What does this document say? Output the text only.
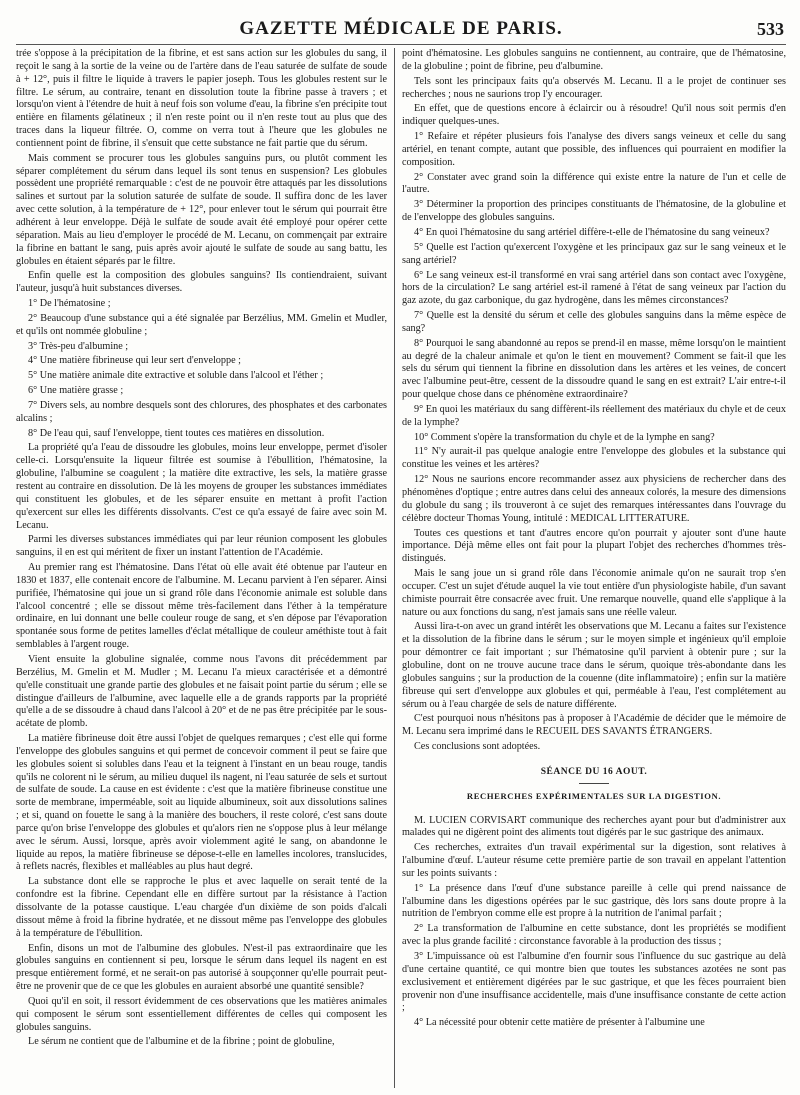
GAZETTE MÉDICALE DE PARIS.	533

trée s'oppose à la précipitation de la fibrine, et est sans action sur les globules du sang, il reçoit le sang à la sortie de la veine ou de l'artère dans de l'eau saturée de sulfate de soude à + 12°, puis il filtre le liquide à travers le papier joseph. Tous les globules restent sur le filtre. Le sérum, au contraire, tenant en dissolution toute la fibrine passe à travers ; et lorsqu'on vient à l'étendre de huit à neuf fois son volume d'eau, la fibrine s'en précipite tout entière en filaments gélatineux ; il n'en reste point ou il n'en reste tout au plus que des traces dans la liqueur filtrée. O, comme on verra tout à l'heure que les globules ne contiennent point de fibrine, il s'ensuit que cette substance ne fait partie que du sérum.

Mais comment se procurer tous les globules sanguins purs, ou plutôt comment les séparer complétement du sérum dans lequel ils sont tenus en suspension? Les globules possèdent une propriété remarquable : c'est de ne pouvoir être attaqués par les dissolutions salines et surtout par la solution saturée de sulfate de soude. Il suffira donc de les laver avec cette solution, à la température de + 12°, pour enlever tout le sérum qui pourrait être adhérent à leur enveloppe. Déjà le sulfate de soude avait été employé pour opérer cette séparation. Mais au lieu d'employer le procédé de M. Lecanu, on commençait par extraire la fibrine en battant le sang, puis après avoir ajouté le sulfate de soude au sang battu, les globules en étaient séparés par le filtre.

Enfin quelle est la composition des globules sanguins? Ils contiendraient, suivant l'auteur, jusqu'à huit substances diverses.

1° De l'hématosine ;

2° Beaucoup d'une substance qui a été signalée par Berzélius, MM. Gmelin et Mudler, et qu'ils ont nommée globuline ;

3° Très-peu d'albumine ;

4° Une matière fibrineuse qui leur sert d'enveloppe ;

5° Une matière animale dite extractive et soluble dans l'alcool et l'éther ;

6° Une matière grasse ;

7° Divers sels, au nombre desquels sont des chlorures, des phosphates et des carbonates alcalins ;

8° De l'eau qui, sauf l'enveloppe, tient toutes ces matières en dissolution.

La propriété qu'a l'eau de dissoudre les globules, moins leur enveloppe, permet d'isoler celle-ci. Lorsqu'ensuite la liqueur filtrée est soumise à l'ébullition, l'hématosine, la globuline, l'albumine se coagulent ; la matière dite extractive, les sels, la matière grasse restent au contraire en dissolution. De là les moyens de grouper les substances immédiates qui constituent les globules, et de les séparer ensuite en mettant à profit l'action qu'exercent sur elles les différents dissolvants. C'est ce qu'a essayé de faire avec soin M. Lecanu.

Parmi les diverses substances immédiates qui par leur réunion composent les globules sanguins, il en est qui méritent de fixer un instant l'attention de l'Académie.

Au premier rang est l'hématosine. Dans l'état où elle avait été obtenue par l'auteur en 1830 et 1837, elle contenait encore de l'albumine. M. Lecanu parvient à l'en séparer. Ainsi purifiée, l'hématosine qui joue un si grand rôle dans l'économie animale est soluble dans l'alcool concentré ; elle se dissout même très-facilement dans l'éther à la température ordinaire, en lui donnant une belle couleur rouge de sang, et s'en dépose par l'évaporation spontanée sous forme de petites lamelles d'éclat métallique de couleur améthiste tout à fait semblables à l'argent rouge.

Vient ensuite la globuline signalée, comme nous l'avons dit précédemment par Berzélius, M. Gmelin et M. Mudler ; M. Lecanu l'a mieux caractérisée et a démontré qu'elle constituait une grande partie des globules et ne faisait point partie du sérum ; elle se distingue d'ailleurs de l'albumine, avec laquelle elle a de grands rapports par la propriété qu'elle a de se dissoudre à chaud dans l'alcool à 20° et de ne pas être précipitée par le sous-acétate de plomb.

La matière fibrineuse doit être aussi l'objet de quelques remarques ; c'est elle qui forme l'enveloppe des globules sanguins et qui permet de concevoir comment il peut se faire que les globules soient si solubles dans l'eau et la teignent à l'instant en un beau rouge, tandis qu'ils ne colorent ni le sérum, au milieu duquel ils nagent, ni l'eau saturée de sels et surtout de sulfate de soude. La cause en est évidente : c'est que la matière fibrineuse constitue une sorte de membrane, imperméable, soit au liquide albumineux, soit aux dissolutions salines ; et si, quand on fouette le sang à la manière des bouchers, il reste coloré, c'est sans doute parce qu'on brise l'enveloppe des globules et qu'alors rien ne s'oppose plus à leur mélange avec le sérum. Aussi, lorsque, après avoir violemment agité le sang, on abandonne le liquide au repos, la matière fibrineuse se dépose-t-elle en lamelles incolores, translucides, à reflets nacrés, flexibles et malléables au plus haut degré.

La substance dont elle se rapproche le plus et avec laquelle on serait tenté de la confondre est la fibrine. Cependant elle en diffère surtout par la résistance à l'action dissolvante de la potasse caustique. L'eau chargée d'un dixième de son poids d'alcali dissout même à froid la fibrine hydratée, et ne dissout même pas l'enveloppe des globules à la température de l'ébullition.

Enfin, disons un mot de l'albumine des globules. N'est-il pas extraordinaire que les globules sanguins en contiennent si peu, lorsque le sérum dans lequel ils nagent en est presque entièrement formé, et ne serait-on pas autorisé à soupçonner qu'elle pourrait peut-être ne provenir que de ce que les globules en auraient absorbé une quantité sensible?

Quoi qu'il en soit, il ressort évidemment de ces observations que les matières animales qui composent le sérum sont essentiellement différentes de celles qui composent les globules sanguins.

Le sérum ne contient que de l'albumine et de la fibrine ; point de globuline,

point d'hématosine. Les globules sanguins ne contiennent, au contraire, que de l'hématosine, de la globuline ; point de fibrine, peu d'albumine.

Tels sont les principaux faits qu'a observés M. Lecanu. Il a le projet de continuer ses recherches ; nous ne saurions trop l'y encourager.

En effet, que de questions encore à éclaircir ou à résoudre! Qu'il nous soit permis d'en indiquer quelques-unes.

1° Refaire et répéter plusieurs fois l'analyse des divers sangs veineux et celle du sang artériel, en tenant compte, autant que possible, des influences qui pourraient en modifier la composition.

2° Constater avec grand soin la différence qui existe entre la nature de l'un et celle de l'autre.

3° Déterminer la proportion des principes constituants de l'hématosine, de la globuline et de l'enveloppe des globules sanguins.

4° En quoi l'hématosine du sang artériel diffère-t-elle de l'hématosine du sang veineux?

5° Quelle est l'action qu'exercent l'oxygène et les principaux gaz sur le sang veineux et le sang artériel?

6° Le sang veineux est-il transformé en vrai sang artériel dans son contact avec l'oxygène, hors de la circulation? Le sang artériel est-il ramené à l'état de sang veineux par l'action du gaz azote, du gaz carbonique, du gaz hydrogène, dans les mêmes circonstances?

7° Quelle est la densité du sérum et celle des globules sanguins dans la même espèce de sang?

8° Pourquoi le sang abandonné au repos se prend-il en masse, même lorsqu'on le maintient au degré de la chaleur animale et qu'on le tient en mouvement? Comment se fait-il que les sels du sérum qui tiennent la fibrine en dissolution dans les artères et les veines, de concert avec l'albumine peut-être, cessent de la dissoudre quand le sang en est extrait? L'air entre-t-il pour quelque chose dans ce phénomène extraordinaire?

9° En quoi les matériaux du sang diffèrent-ils réellement des matériaux du chyle et de ceux de la lymphe?

10° Comment s'opère la transformation du chyle et de la lymphe en sang?

11° N'y aurait-il pas quelque analogie entre l'enveloppe des globules et la substance qui constitue les veines et les artères?

12° Nous ne saurions encore recommander assez aux physiciens de rechercher dans des phénomènes d'optique ; entre autres dans celui des anneaux colorés, la mesure des dimensions du globule du sang ; ils trouveront à ce sujet des remarques intéressantes dans l'ouvrage du célèbre docteur Thomas Young, intitulé : MEDICAL LITTERATURE.

Toutes ces questions et tant d'autres encore qu'on pourrait y ajouter sont d'une haute importance. Déjà même elles ont fait pour la plupart l'objet des recherches d'hommes très-distingués.

Mais le sang joue un si grand rôle dans l'économie animale qu'on ne saurait trop s'en occuper. C'est un sujet d'étude auquel la vie tout entière d'un physiologiste habile, d'un savant chimiste pourrait être consacrée avec fruit. Une remarque nouvelle, quand elle s'applique à la nature ou aux fonctions du sang, n'est jamais sans une réelle valeur.

Aussi lira-t-on avec un grand intérêt les observations que M. Lecanu a faites sur l'existence et la dissolution de la fibrine dans le sérum ; sur le moyen simple et ingénieux qu'il emploie pour démontrer ce fait important ; sur l'hématosine qu'il parvient à obtenir pure ; sur la globuline, dont on ne trouve aucune trace dans le sérum, quoique très-abondante dans les globules sanguins ; sur la production de la couenne (dite inflammatoire) ; enfin sur la matière fibreuse qui sert d'enveloppe aux globules et qui, perméable à l'eau, l'est complétement au sérum ou à l'eau chargée de sels de nature différente.

C'est pourquoi nous n'hésitons pas à proposer à l'Académie de décider que le mémoire de M. Lecanu sera imprimé dans le RECUEIL DES SAVANTS ÉTRANGERS.

Ces conclusions sont adoptées.

SÉANCE DU 16 AOUT.
RECHERCHES EXPÉRIMENTALES SUR LA DIGESTION.

M. LUCIEN CORVISART communique des recherches ayant pour but d'administrer aux malades qui ne digèrent point des aliments tout digérés par le suc gastrique des animaux.

Ces recherches, extraites d'un travail expérimental sur la digestion, sont relatives à l'albumine d'œuf. L'auteur résume cette première partie de son travail en appelant l'attention sur les points suivants :

1° La présence dans l'œuf d'une substance pareille à celle qui prend naissance de l'albumine dans les digestions opérées par le suc gastrique, dès lors sans doute propre à la nutrition de l'embryon comme elle est propre à la nutrition de l'animal parfait ;

2° La transformation de l'albumine en cette substance, dont les propriétés se modifient avec la plus grande facilité : circonstance favorable à la production des tissus ;

3° L'impuissance où est l'albumine d'en fournir sous l'influence du suc gastrique au delà d'une certaine quantité, ce qui montre bien que toutes les substances azotées ne sont pas exclusivement et entièrement digérées par le suc gastrique, et que les fèces pourraient bien provenir non d'une insuffisance accidentelle, mais d'une insuffisance constante de cette action ;

4° La nécessité pour obtenir cette matière de présenter à l'albumine une
